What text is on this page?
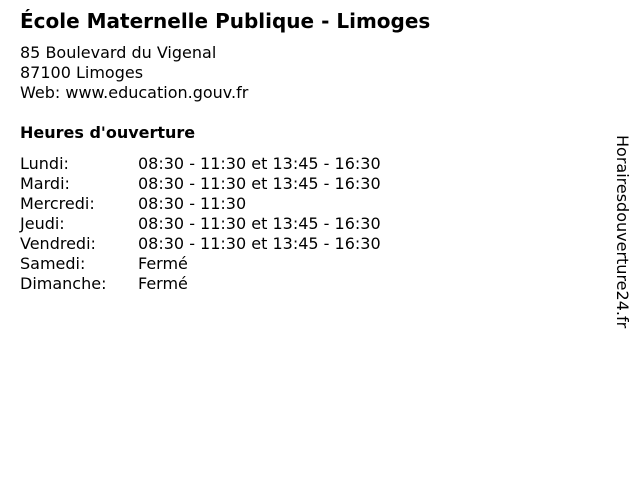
École Maternelle Publique - Limoges
85 Boulevard du Vigenal
87100 Limoges
Web: www.education.gouv.fr
Heures d'ouverture
Lundi:	08:30 - 11:30 et 13:45 - 16:30
Mardi:	08:30 - 11:30 et 13:45 - 16:30
Mercredi:	08:30 - 11:30
Jeudi:	08:30 - 11:30 et 13:45 - 16:30
Vendredi:	08:30 - 11:30 et 13:45 - 16:30
Samedi:	Fermé
Dimanche: Fermé	Horairesdouverture24.fr
